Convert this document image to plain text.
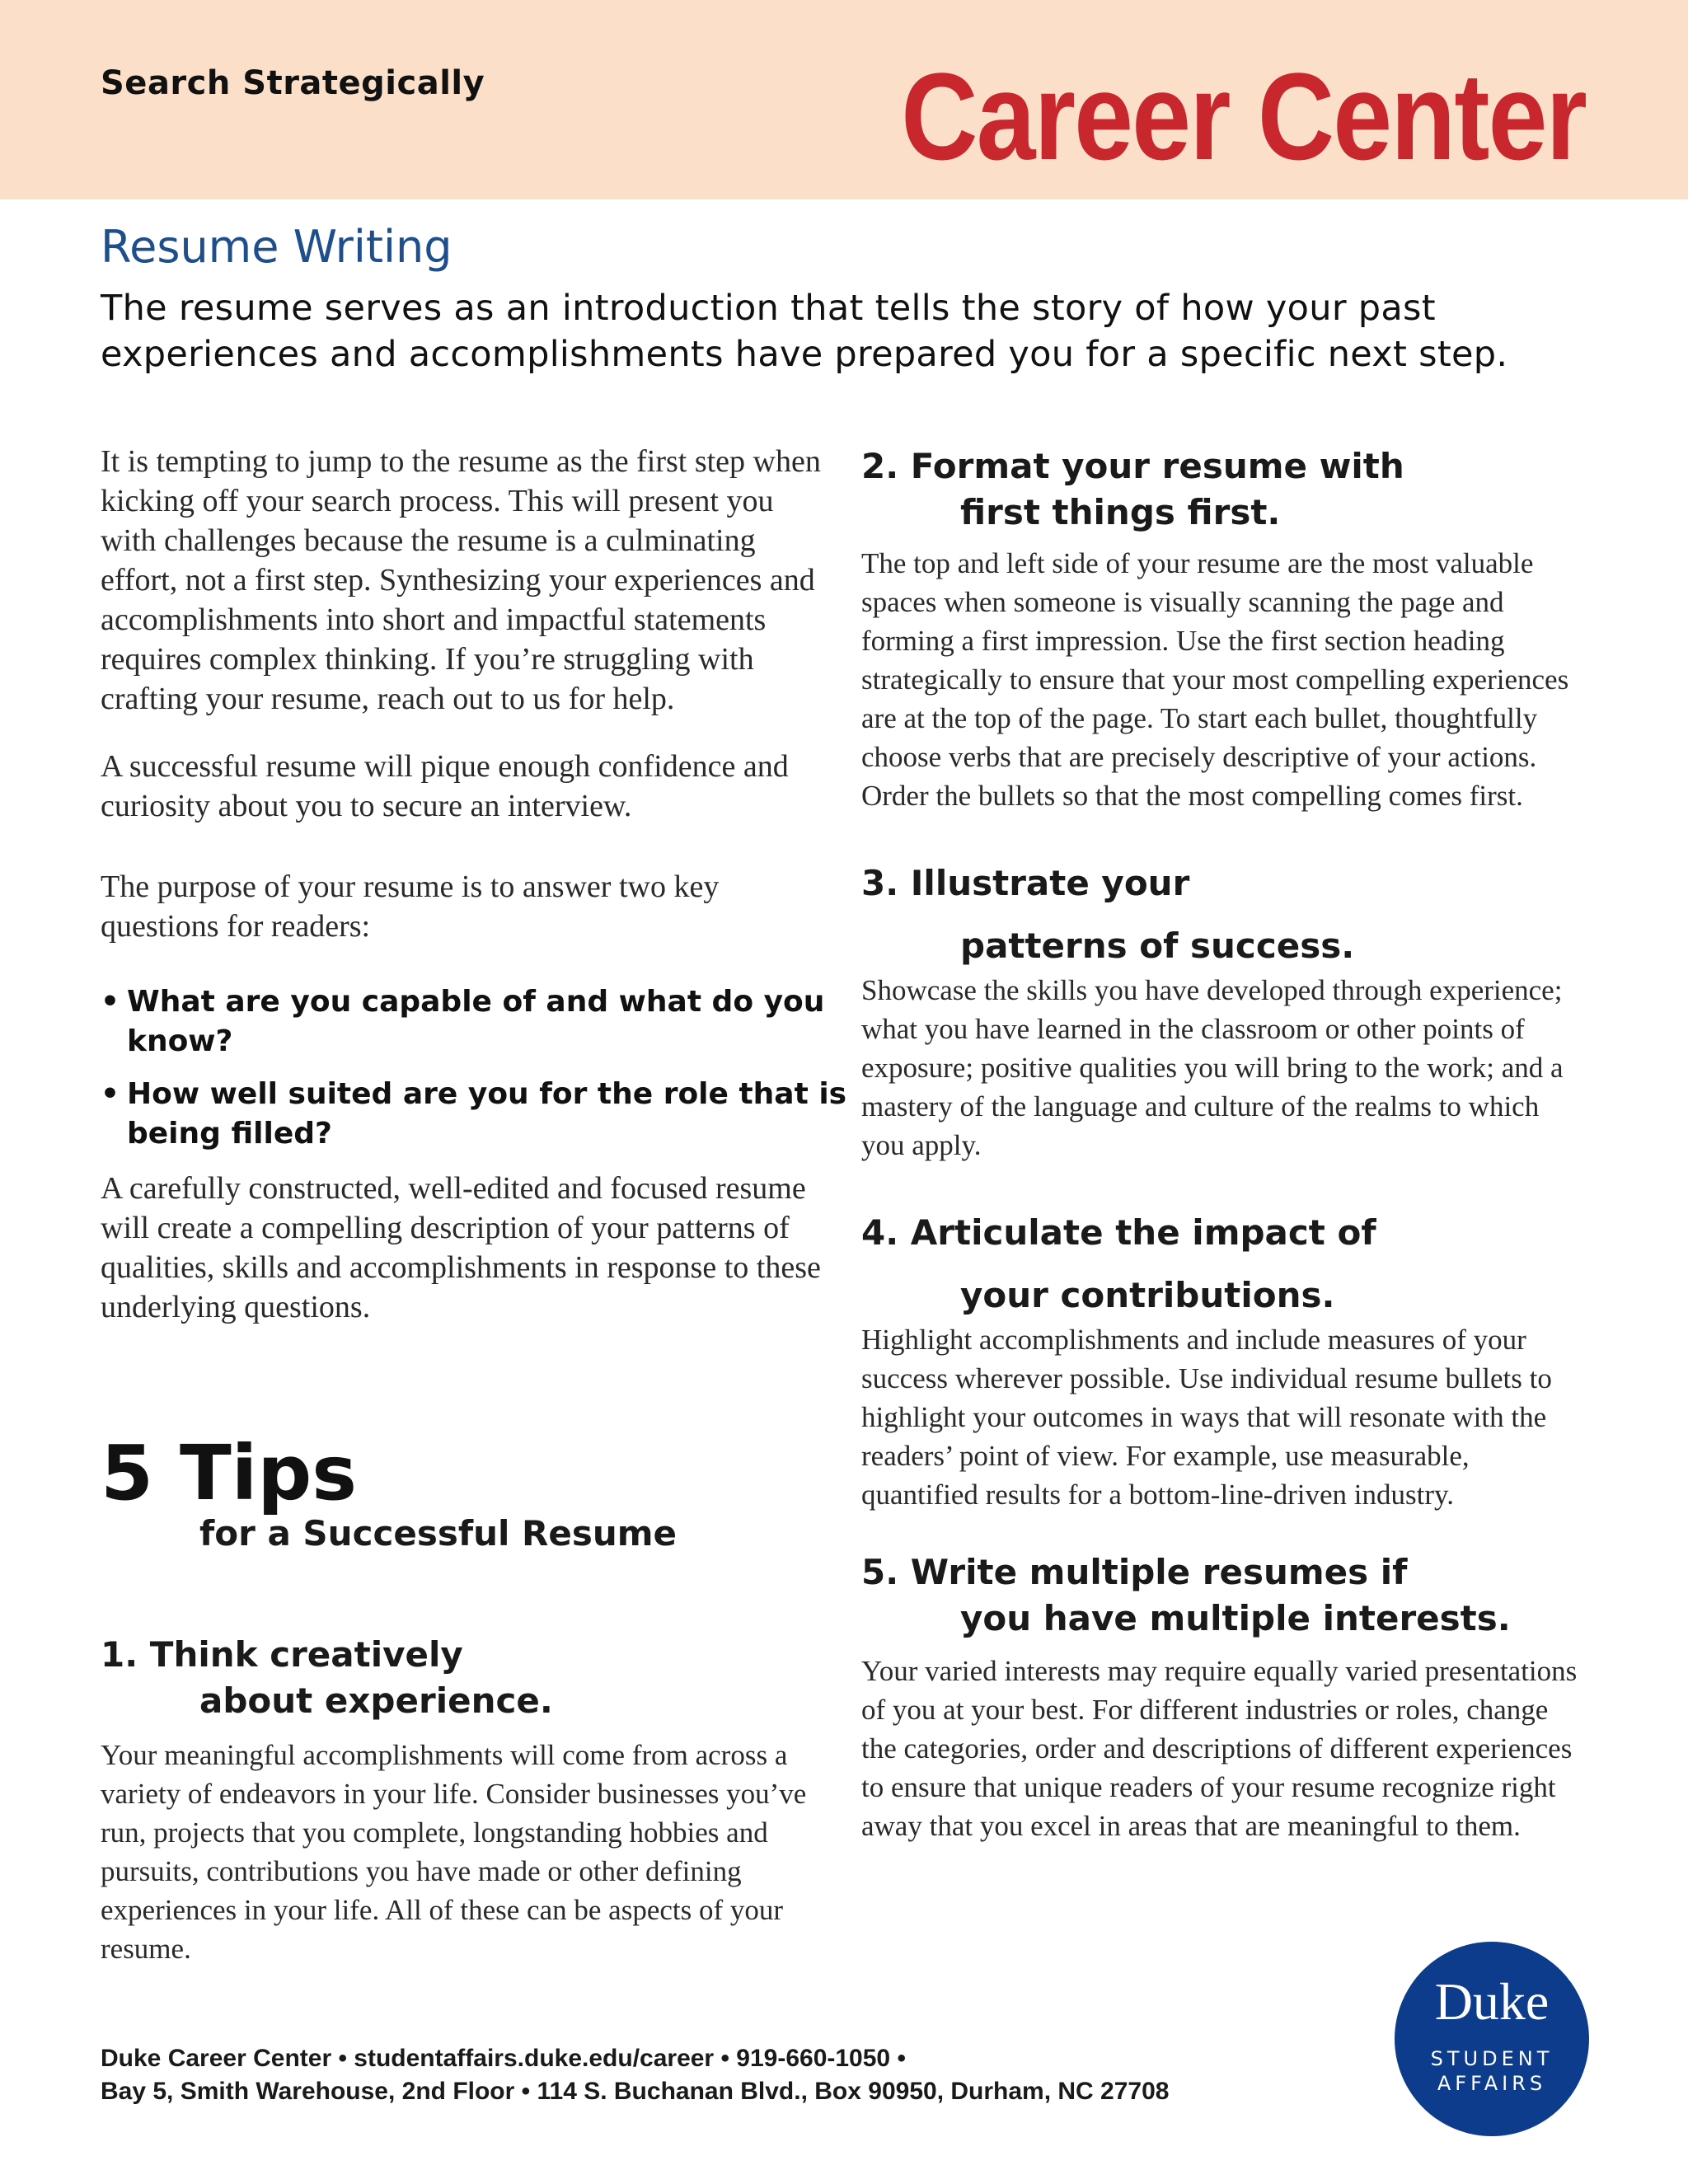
Search Strategically	Career Center
Resume Writing
The resume serves as an introduction that tells the story of how your past experiences and accomplishments have prepared you for a specific next step.

It is tempting to jump to the resume as the first step when kicking off your search process. This will present you with challenges because the resume is a culminating effort, not a first step. Synthesizing your experiences and accomplishments into short and impactful statements requires complex thinking. If you’re struggling with crafting your resume, reach out to us for help.

A successful resume will pique enough confidence and curiosity about you to secure an interview.

The purpose of your resume is to answer two key questions for readers:

• What are you capable of and what do you know?
• How well suited are you for the role that is being filled?

A carefully constructed, well-edited and focused resume will create a compelling description of your patterns of qualities, skills and accomplishments in response to these underlying questions.

5 Tips
for a Successful Resume
1. Think creatively
about experience.

Your meaningful accomplishments will come from across a variety of endeavors in your life. Consider businesses you’ve run, projects that you complete, longstanding hobbies and pursuits, contributions you have made or other defining experiences in your life. All of these can be aspects of your resume.

2. Format your resume with
first things first.

The top and left side of your resume are the most valuable spaces when someone is visually scanning the page and forming a first impression. Use the first section heading strategically to ensure that your most compelling experiences are at the top of the page. To start each bullet, thoughtfully choose verbs that are precisely descriptive of your actions. Order the bullets so that the most compelling comes first.

3. Illustrate your
patterns of success.

Showcase the skills you have developed through experience; what you have learned in the classroom or other points of exposure; positive qualities you will bring to the work; and a mastery of the language and culture of the realms to which you apply.

4. Articulate the impact of
your contributions.

Highlight accomplishments and include measures of your success wherever possible. Use individual resume bullets to highlight your outcomes in ways that will resonate with the readers’ point of view. For example, use measurable, quantified results for a bottom-line-driven industry.

5. Write multiple resumes if
you have multiple interests.

Your varied interests may require equally varied presentations of you at your best. For different industries or roles, change the categories, order and descriptions of different experiences to ensure that unique readers of your resume recognize right away that you excel in areas that are meaningful to them.

Duke Career Center • studentaffairs.duke.edu/career • 919-660-1050 •
Bay 5, Smith Warehouse, 2nd Floor • 114 S. Buchanan Blvd., Box 90950, Durham, NC 27708
Duke
STUDENT
AFFAIRS
